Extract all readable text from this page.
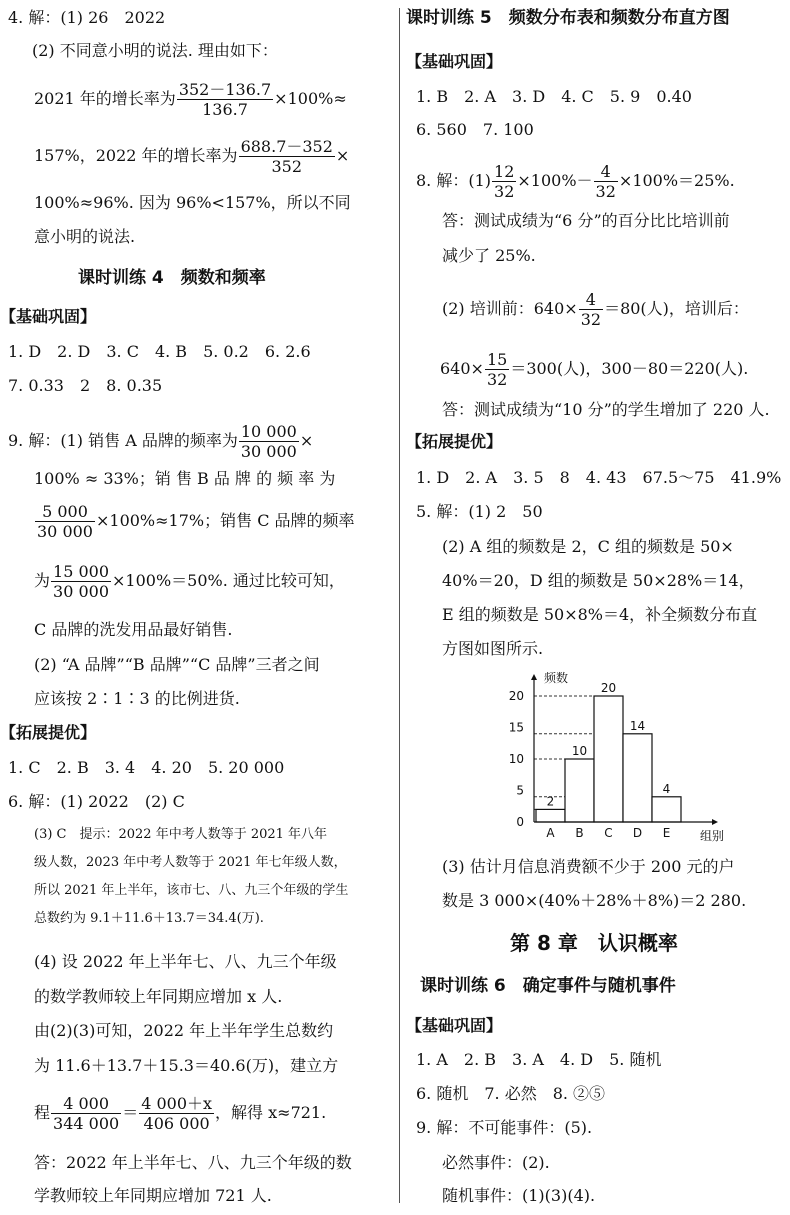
4. 解：(1) 26　2022
(2) 不同意小明的说法. 理由如下：
2021 年的增长率为 $\frac{352-136.7}{136.7} \times 100\%\approx$
157%，2022 年的增长率为 $\frac{688.7-352}{352}$ ×
100%≈96%. 因为 96%<157%，所以不同
意小明的说法.
课时训练 4　频数和频率
【基础巩固】
1. D　2. D　3. C　4. B　5. 0.2　6. 2.6
7. 0.33　2　8. 0.35
9. 解：(1) 销售 A 品牌的频率为 $\frac{10 000}{30 000}$ ×
100% ≈ 33%；销 售 B 品 牌 的 频 率 为
$\frac{5 000}{30 000} \times 100\%\approx 17\%$；销售 C 品牌的频率
为 $\frac{15 000}{30 000} \times 100\%=50\%$. 通过比较可知，
C 品牌的洗发用品最好销售.
(2) “A 品牌”“B 品牌”“C 品牌”三者之间
应该按 2∶1∶3 的比例进货.
【拓展提优】
1. C　2. B　3. 4　4. 20　5. 20 000
6. 解：(1) 2022　(2) C
(3) C　提示：2022 年中考人数等于 2021 年八年
级人数，2023 年中考人数等于 2021 年七年级人数，
所以 2021 年上半年，该市七、八、九三个年级的学生
总数约为 9.1＋11.6＋13.7＝34.4(万).
(4) 设 2022 年上半年七、八、九三个年级
的数学教师较上年同期应增加 x 人.
由(2)(3)可知，2022 年上半年学生总数约
为 11.6＋13.7＋15.3＝40.6(万)，建立方
程 $\frac{4 000}{344 000} = \frac{4 000+x}{406 000}$ ，解得 x≈721.
答：2022 年上半年七、八、九三个年级的数
学教师较上年同期应增加 721 人.
课时训练 5　频数分布表和频数分布直方图
【基础巩固】
1. B　2. A　3. D　4. C　5. 9　0.40
6. 560　7. 100
8. 解：$(1) \frac{12}{32} \times 100\%- \frac{4}{32} \times 100\%=25\%$.
答：测试成绩为“6 分”的百分比比培训前
减少了 25%.
(2) 培训前：$640\times \frac{4}{32} =80$(人)，培训后：
$640\times \frac{15}{32} =300$(人)，300－80＝220(人).
答：测试成绩为“10 分”的学生增加了 220 人.
【拓展提优】
1. D　2. A　3. 5　8　4. 43　67.5～75　41.9%
5. 解：(1) 2　50
(2) A 组的频数是 2，C 组的频数是 50×
40%＝20，D 组的频数是 50×28%＝14，
E 组的频数是 50×8%＝4，补全频数分布直
方图如图所示.
(3) 估计月信息消费额不少于 200 元的户
数是 3 000×(40%＋28%＋8%)＝2 280.
第 8 章　认识概率
课时训练 6　确定事件与随机事件
【基础巩固】
1. A　2. B　3. A　4. D　5. 随机
6. 随机　7. 必然　8. ②⑤
9. 解：不可能事件：(5).
必然事件：(2).
随机事件：(1)(3)(4).
2
A
10
B
20
C
14
D
4
E
0
5
10
15
20
频数
组别
